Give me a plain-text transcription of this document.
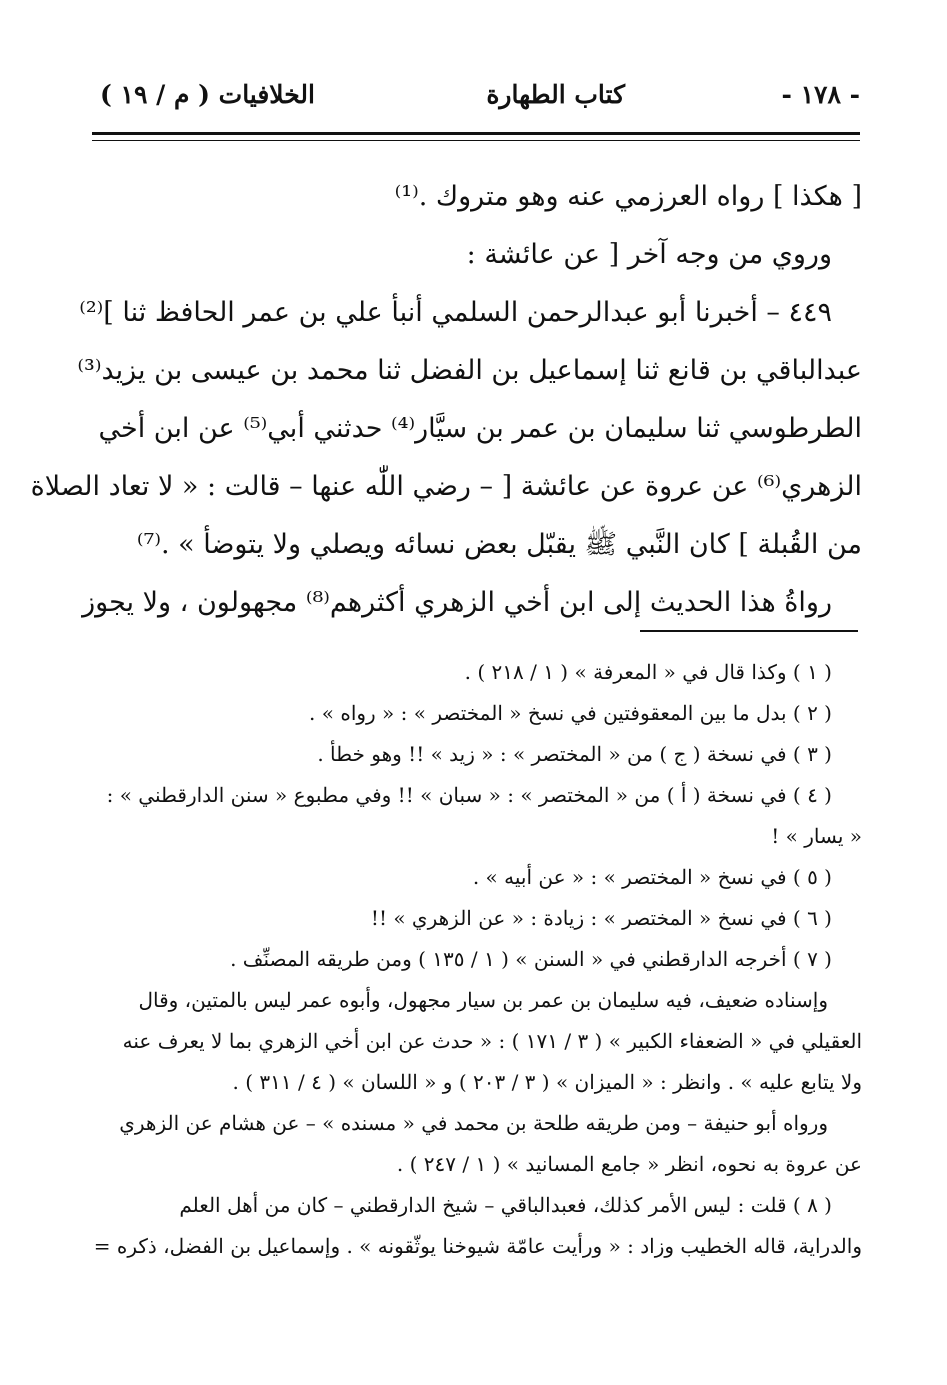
- ١٧٨ -
كتاب الطهارة
الخلافيات ( م / ١٩ )

[ هكذا ] رواه العرزمي عنه وهو متروك .⁽¹⁾

وروي من وجه آخر [ عن عائشة :

٤٤٩ – أخبرنا أبو عبدالرحمن السلمي أنبأ علي بن عمر الحافظ ثنا ]⁽²⁾

عبدالباقي بن قانع ثنا إسماعيل بن الفضل ثنا محمد بن عيسى بن يزيد⁽³⁾

الطرطوسي ثنا سليمان بن عمر بن سيَّار⁽⁴⁾ حدثني أبي⁽⁵⁾ عن ابن أخي

الزهري⁽⁶⁾ عن عروة عن عائشة [ – رضي اللّٰه عنها – قالت : « لا تعاد الصلاة

من القُبلة ] كان النَّبي ﷺ يقبّل بعض نسائه ويصلي ولا يتوضأ » .⁽⁷⁾

رواةُ هذا الحديث إلى ابن أخي الزهري أكثرهم⁽⁸⁾ مجهولون ، ولا يجوز

( ١ ) وكذا قال في « المعرفة » ( ١ / ٢١٨ ) .

( ٢ ) بدل ما بين المعقوفتين في نسخ « المختصر » : « رواه » .

( ٣ ) في نسخة ( ج ) من « المختصر » : « زيد » !! وهو خطأ .

( ٤ ) في نسخة ( أ ) من « المختصر » : « سبان » !! وفي مطبوع « سنن الدارقطني » :

« يسار » !

( ٥ ) في نسخ « المختصر » : « عن أبيه » .

( ٦ ) في نسخ « المختصر » : زيادة : « عن الزهري » !!

( ٧ ) أخرجه الدارقطني في « السنن » ( ١ / ١٣٥ ) ومن طريقه المصنِّف .

وإسناده ضعيف، فيه سليمان بن عمر بن سيار مجهول، وأبوه عمر ليس بالمتين، وقال

العقيلي في « الضعفاء الكبير » ( ٣ / ١٧١ ) : « حدث عن ابن أخي الزهري بما لا يعرف عنه

ولا يتابع عليه » . وانظر : « الميزان » ( ٣ / ٢٠٣ ) و « اللسان » ( ٤ / ٣١١ ) .

ورواه أبو حنيفة – ومن طريقه طلحة بن محمد في « مسنده » – عن هشام عن الزهري

عن عروة به نحوه، انظر « جامع المسانيد » ( ١ / ٢٤٧ ) .

( ٨ ) قلت : ليس الأمر كذلك، فعبدالباقي – شيخ الدارقطني – كان من أهل العلم

والدراية، قاله الخطيب وزاد : « ورأيت عامّة شيوخنا يوثّقونه » . وإسماعيل بن الفضل، ذكره =
